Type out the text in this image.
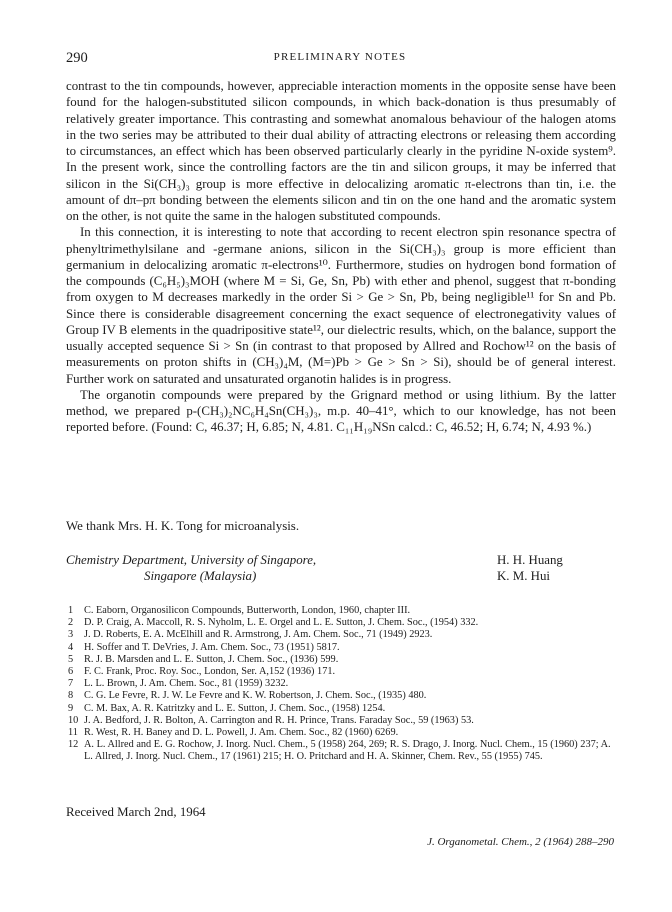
290	PRELIMINARY NOTES

contrast to the tin compounds, however, appreciable interaction moments in the opposite sense have been found for the halogen-substituted silicon compounds, in which back-donation is thus presumably of relatively greater importance. This contrasting and somewhat anomalous behaviour of the halogen atoms in the two series may be attributed to their dual ability of attracting electrons or releasing them according to circumstances, an effect which has been observed particularly clearly in the pyridine N-oxide system⁹. In the present work, since the controlling factors are the tin and silicon groups, it may be inferred that silicon in the Si(CH₃)₃ group is more effective in delocalizing aromatic π-electrons than tin, i.e. the amount of dπ–pπ bonding between the elements silicon and tin on the one hand and the aromatic system on the other, is not quite the same in the halogen substituted compounds.

In this connection, it is interesting to note that according to recent electron spin resonance spectra of phenyltrimethylsilane and -germane anions, silicon in the Si(CH₃)₃ group is more efficient than germanium in delocalizing aromatic π-electrons¹⁰. Furthermore, studies on hydrogen bond formation of the compounds (C₆H₅)₃MOH (where M = Si, Ge, Sn, Pb) with ether and phenol, suggest that π-bonding from oxygen to M decreases markedly in the order Si > Ge > Sn, Pb, being negligible¹¹ for Sn and Pb. Since there is considerable disagreement concerning the exact sequence of electronegativity values of Group IV B elements in the quadripositive state¹², our dielectric results, which, on the balance, support the usually accepted sequence Si > Sn (in contrast to that proposed by Allred and Rochow¹² on the basis of measurements on proton shifts in (CH₃)₄M, (M=)Pb > Ge > Sn > Si), should be of general interest. Further work on saturated and unsaturated organotin halides is in progress.

The organotin compounds were prepared by the Grignard method or using lithium. By the latter method, we prepared p-(CH₃)₂NC₆H₄Sn(CH₃)₃, m.p. 40–41°, which to our knowledge, has not been reported before. (Found: C, 46.37; H, 6.85; N, 4.81. C₁₁H₁₉NSn calcd.: C, 46.52; H, 6.74; N, 4.93 %.)

We thank Mrs. H. K. Tong for microanalysis.
Chemistry Department, University of Singapore,
Singapore (Malaysia)
H. H. Huang
K. M. Hui
1	C. Eaborn, Organosilicon Compounds, Butterworth, London, 1960, chapter III.
2	D. P. Craig, A. Maccoll, R. S. Nyholm, L. E. Orgel and L. E. Sutton, J. Chem. Soc., (1954) 332.
3	J. D. Roberts, E. A. McElhill and R. Armstrong, J. Am. Chem. Soc., 71 (1949) 2923.
4	H. Soffer and T. DeVries, J. Am. Chem. Soc., 73 (1951) 5817.
5	R. J. B. Marsden and L. E. Sutton, J. Chem. Soc., (1936) 599.
6	F. C. Frank, Proc. Roy. Soc., London, Ser. A,152 (1936) 171.
7	L. L. Brown, J. Am. Chem. Soc., 81 (1959) 3232.
8	C. G. Le Fevre, R. J. W. Le Fevre and K. W. Robertson, J. Chem. Soc., (1935) 480.
9	C. M. Bax, A. R. Katritzky and L. E. Sutton, J. Chem. Soc., (1958) 1254.
10 J. A. Bedford, J. R. Bolton, A. Carrington and R. H. Prince, Trans. Faraday Soc., 59 (1963) 53.
11 R. West, R. H. Baney and D. L. Powell, J. Am. Chem. Soc., 82 (1960) 6269.
12 A. L. Allred and E. G. Rochow, J. Inorg. Nucl. Chem., 5 (1958) 264, 269; R. S. Drago, J. Inorg. Nucl. Chem., 15 (1960) 237; A. L. Allred, J. Inorg. Nucl. Chem., 17 (1961) 215; H. O. Pritchard and H. A. Skinner, Chem. Rev., 55 (1955) 745.
Received March 2nd, 1964
J. Organometal. Chem., 2 (1964) 288–290
